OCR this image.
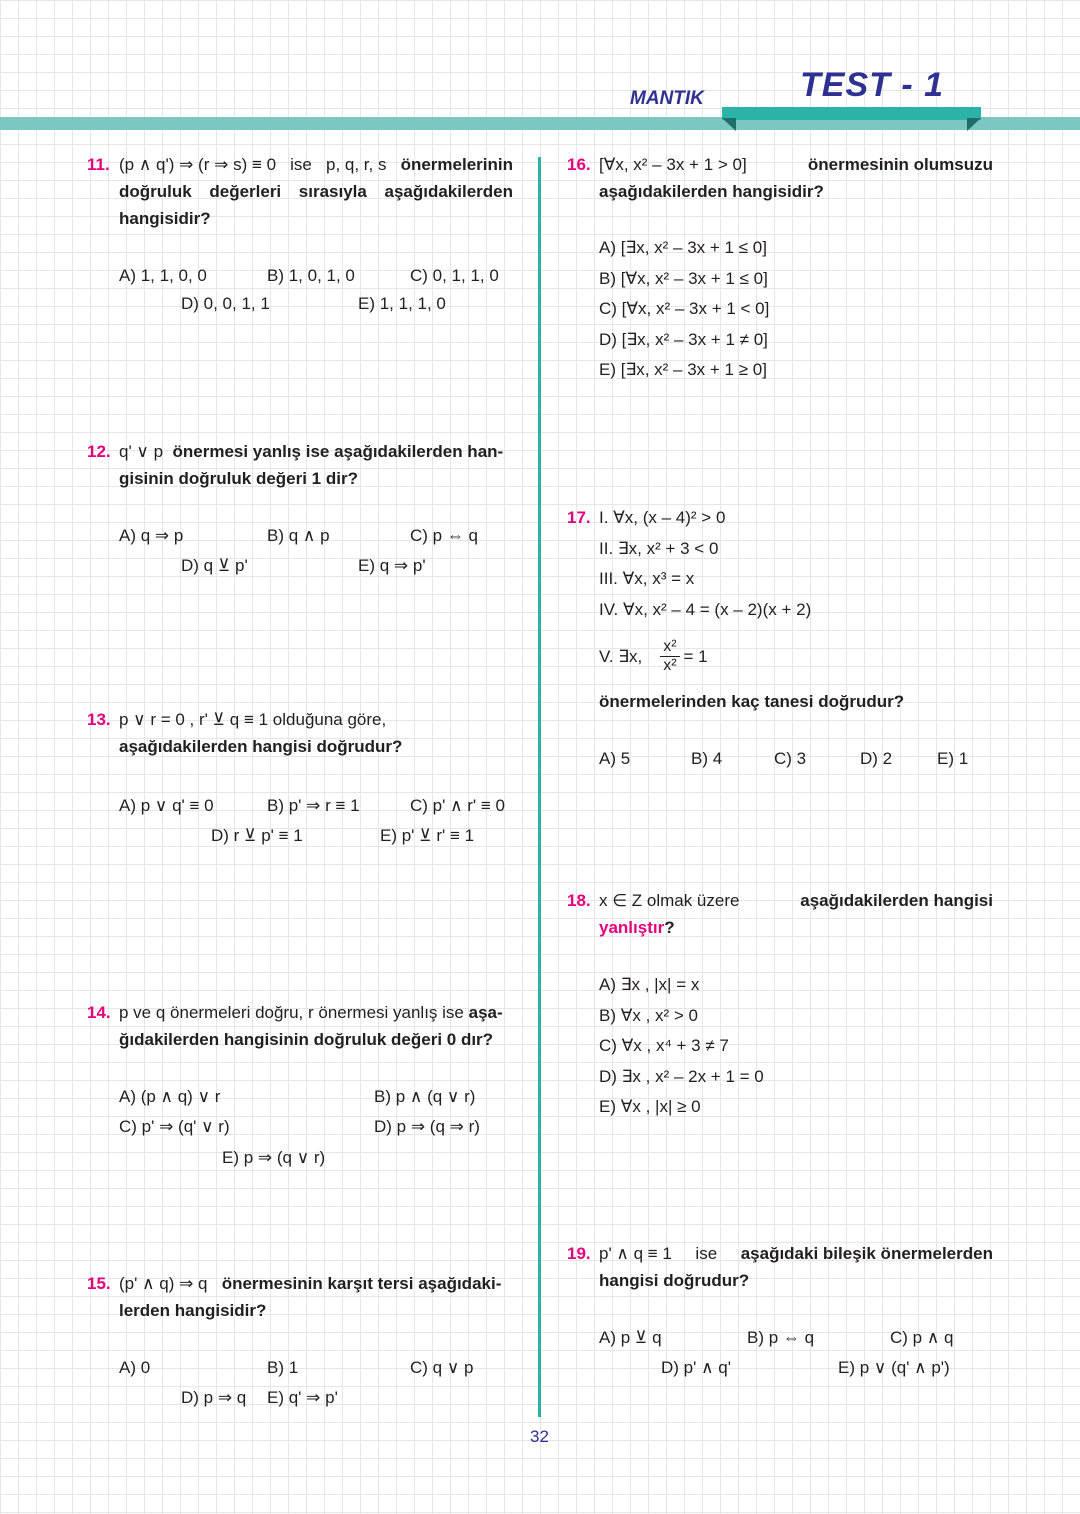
MANTIK	TEST - 1
11. (p ∧ q') ⇒ (r ⇒ s) ≡ 0 ise p, q, r, s önermelerinin
doğruluk değerleri sırasıyla aşağıdakilerden
hangisidir?
A) 1, 1, 0, 0	B) 1, 0, 1, 0	C) 0, 1, 1, 0
D) 0, 0, 1, 1	E) 1, 1, 1, 0
12. q' ∨ p önermesi yanlış ise aşağıdakilerden han-
gisinin doğruluk değeri 1 dir?
A) q ⇒ p	B) q ∧ p	C) p ⇔ q
D) q ⊻ p'	E) q ⇒ p'
13. p ∨ r = 0 , r' ⊻ q ≡ 1 olduğuna göre,
aşağıdakilerden hangisi doğrudur?
A) p ∨ q' ≡ 0	B) p' ⇒ r ≡ 1	C) p' ∧ r' ≡ 0
D) r ⊻ p' ≡ 1	E) p' ⊻ r' ≡ 1
14. p ve q önermeleri doğru, r önermesi yanlış ise aşa-
ğıdakilerden hangisinin doğruluk değeri 0 dır?
A) (p ∧ q) ∨ r	B) p ∧ (q ∨ r)
C) p' ⇒ (q' ∨ r)	D) p ⇒ (q ⇒ r)
E) p ⇒ (q ∨ r)
15. (p' ∧ q) ⇒ q önermesinin karşıt tersi aşağıdaki-
lerden hangisidir?
A) 0	B) 1	C) q ∨ p
D) p ⇒ q E) q' ⇒ p'
16. [∀x, x² – 3x + 1 > 0]	önermesinin olumsuzu
aşağıdakilerden hangisidir?
A) [∃x, x² – 3x + 1 ≤ 0]
B) [∀x, x² – 3x + 1 ≤ 0]
C) [∀x, x² – 3x + 1 < 0]
D) [∃x, x² – 3x + 1 ≠ 0]
E) [∃x, x² – 3x + 1 ≥ 0]
17. I. ∀x, (x – 4)² > 0
II. ∃x, x² + 3 < 0
III. ∀x, x³ = x
IV. ∀x, x² – 4 = (x – 2)(x + 2)
V. ∃x, $\frac{\text{x²}}{\text{x²}} = 1$
önermelerinden kaç tanesi doğrudur?
A) 5	B) 4	C) 3	D) 2	E) 1
18. x ∈ Z olmak üzere	aşağıdakilerden hangisi
yanlıştır?
A) ∃x , |x| = x
B) ∀x , x² > 0
C) ∀x , x⁴ + 3 ≠ 7
D) ∃x , x² – 2x + 1 = 0
E) ∀x , |x| ≥ 0
19. p' ∧ q ≡ 1 ise aşağıdaki bileşik önermelerden
hangisi doğrudur?
A) p ⊻ q	B) p ⇔ q	C) p ∧ q
D) p' ∧ q'	E) p ∨ (q' ∧ p')
32
